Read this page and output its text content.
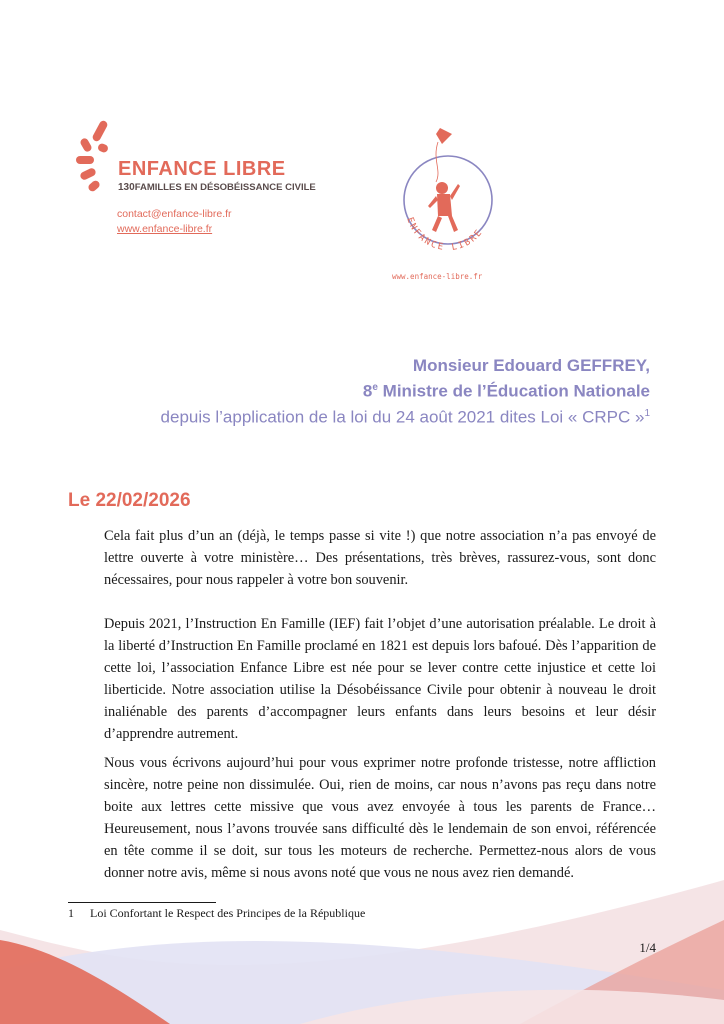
ENFANCE LIBRE
130FAMILLES EN DÉSOBÉISSANCE CIVILE
contact@enfance-libre.fr
www.enfance-libre.fr
ENFANCE LIBRE
www.enfance-libre.fr
Monsieur Edouard GEFFREY,
8e Ministre de l’Éducation Nationale
depuis l’application de la loi du 24 août 2021 dites Loi « CRPC »$^1$
Le 22/02/2026

Cela fait plus d’un an (déjà, le temps passe si vite !) que notre association n’a pas envoyé de lettre ouverte à votre ministère… Des présentations, très brèves, rassurez-vous, sont donc nécessaires, pour nous rappeler à votre bon souvenir.

Depuis 2021, l’Instruction En Famille (IEF) fait l’objet d’une autorisation préalable. Le droit à la liberté d’Instruction En Famille proclamé en 1821 est depuis lors bafoué. Dès l’apparition de cette loi, l’association Enfance Libre est née pour se lever contre cette injustice et cette loi liberticide. Notre association utilise la Désobéissance Civile pour obtenir à nouveau le droit inaliénable des parents d’accompagner leurs enfants dans leurs besoins et leur désir d’apprendre autrement.

Nous vous écrivons aujourd’hui pour vous exprimer notre profonde tristesse, notre affliction sincère, notre peine non dissimulée. Oui, rien de moins, car nous n’avons pas reçu dans notre boite aux lettres cette missive que vous avez envoyée à tous les parents de France… Heureusement, nous l’avons trouvée sans difficulté dès le lendemain de son envoi, référencée en tête comme il se doit, sur tous les moteurs de recherche. Permettez-nous alors de vous donner notre avis, même si nous avons noté que vous ne nous avez rien demandé.

1 Loi Confortant le Respect des Principes de la République
1/4
